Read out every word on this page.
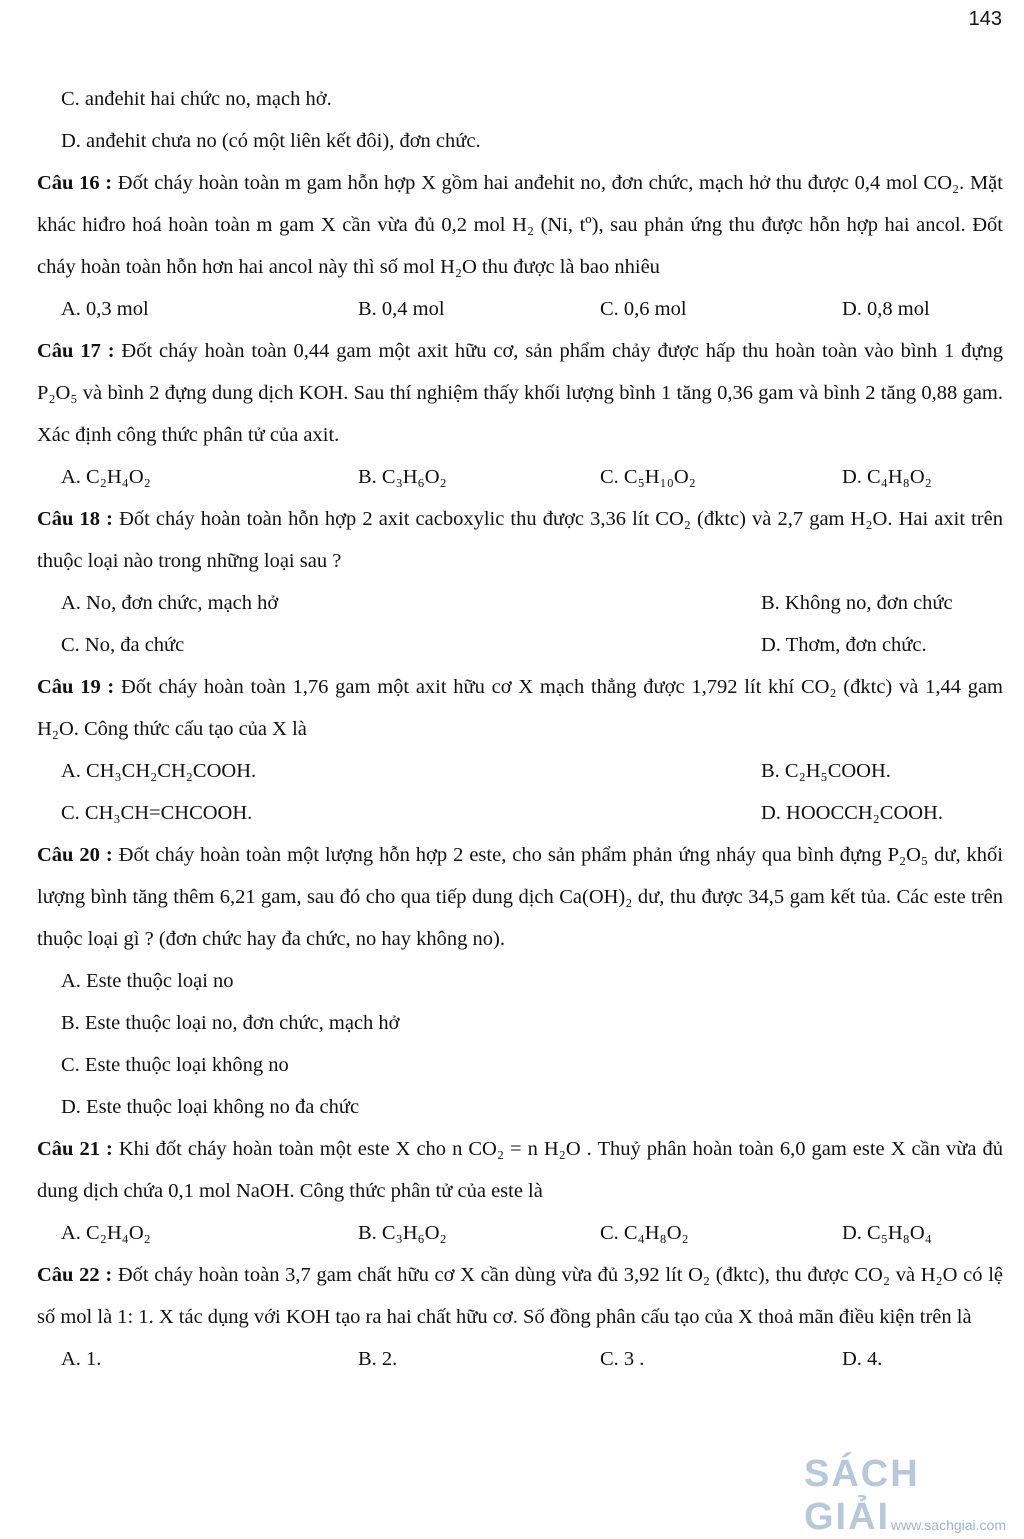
143

C. anđehit hai chức no, mạch hở.

D. anđehit chưa no (có một liên kết đôi), đơn chức.

Câu 16 : Đốt cháy hoàn toàn m gam hỗn hợp X gồm hai anđehit no, đơn chức, mạch hở thu được 0,4 mol CO₂. Mặt khác hiđro hoá hoàn toàn m gam X cần vừa đủ 0,2 mol H₂ (Ni, tº), sau phản ứng thu được hỗn hợp hai ancol. Đốt cháy hoàn toàn hỗn hơn hai ancol này thì số mol H₂O thu được là bao nhiêu

A. 0,3 mol	B. 0,4 mol	C. 0,6 mol	D. 0,8 mol

Câu 17 : Đốt cháy hoàn toàn 0,44 gam một axit hữu cơ, sản phẩm chảy được hấp thu hoàn toàn vào bình 1 đựng P₂O₅ và bình 2 đựng dung dịch KOH. Sau thí nghiệm thấy khối lượng bình 1 tăng 0,36 gam và bình 2 tăng 0,88 gam. Xác định công thức phân tử của axit.

A. C₂H₄O₂	B. C₃H₆O₂	C. C₅H₁₀O₂	D. C₄H₈O₂

Câu 18 : Đốt cháy hoàn toàn hỗn hợp 2 axit cacboxylic thu được 3,36 lít CO₂ (đktc) và 2,7 gam H₂O. Hai axit trên thuộc loại nào trong những loại sau ?

A. No, đơn chức, mạch hở	B. Không no, đơn chức
C. No, đa chức	D. Thơm, đơn chức.

Câu 19 : Đốt cháy hoàn toàn 1,76 gam một axit hữu cơ X mạch thẳng được 1,792 lít khí CO₂ (đktc) và 1,44 gam H₂O. Công thức cấu tạo của X là

A. CH₃CH₂CH₂COOH.	B. C₂H₅COOH.
C. CH₃CH=CHCOOH.	D. HOOCCH₂COOH.

Câu 20 : Đốt cháy hoàn toàn một lượng hỗn hợp 2 este, cho sản phẩm phản ứng nháy qua bình đựng P₂O₅ dư, khối lượng bình tăng thêm 6,21 gam, sau đó cho qua tiếp dung dịch Ca(OH)₂ dư, thu được 34,5 gam kết tủa. Các este trên thuộc loại gì ? (đơn chức hay đa chức, no hay không no).

A. Este thuộc loại no

B. Este thuộc loại no, đơn chức, mạch hở

C. Este thuộc loại không no

D. Este thuộc loại không no đa chức

Câu 21 : Khi đốt cháy hoàn toàn một este X cho n CO₂ = n H₂O . Thuỷ phân hoàn toàn 6,0 gam este X cần vừa đủ dung dịch chứa 0,1 mol NaOH. Công thức phân tử của este là

A. C₂H₄O₂	B. C₃H₆O₂	C. C₄H₈O₂	D. C₅H₈O₄

Câu 22 : Đốt cháy hoàn toàn 3,7 gam chất hữu cơ X cần dùng vừa đủ 3,92 lít O₂ (đktc), thu được CO₂ và H₂O có lệ số mol là 1: 1. X tác dụng với KOH tạo ra hai chất hữu cơ. Số đồng phân cấu tạo của X thoả mãn điều kiện trên là

A. 1.	B. 2.	C. 3 .	D. 4.
SÁCH GIẢI www.sachgiai.com
